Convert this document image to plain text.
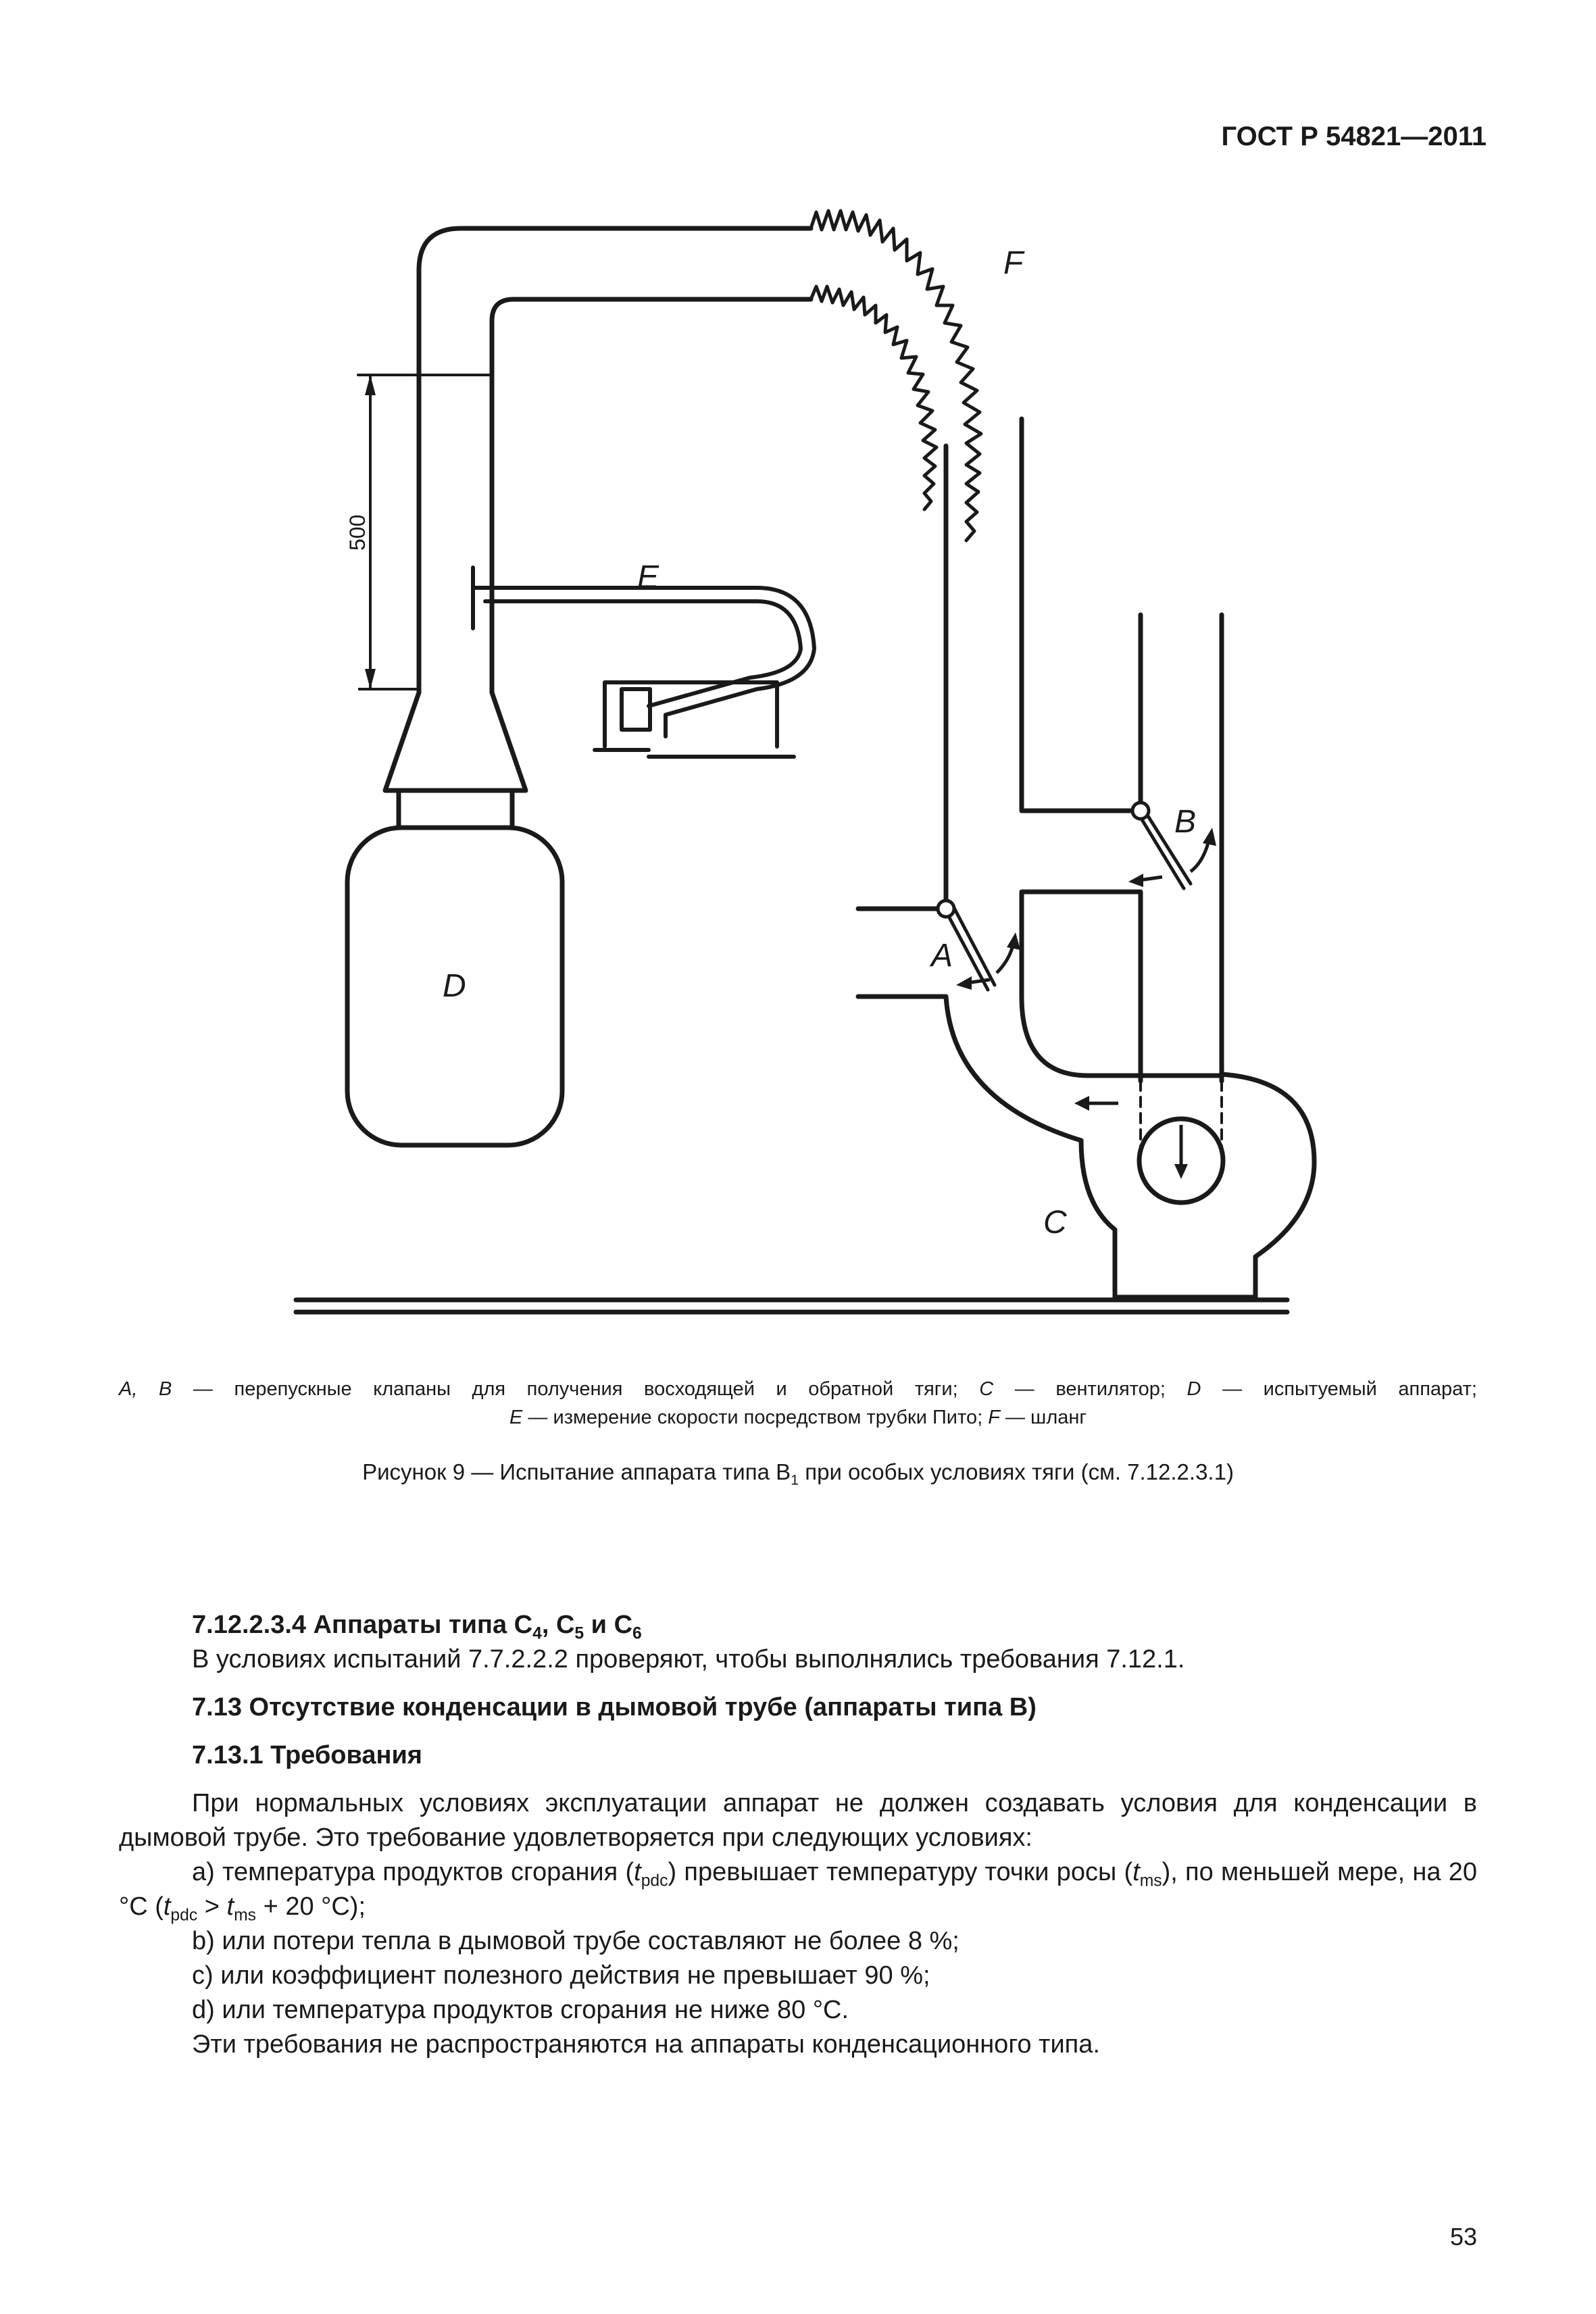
ГОСТ Р 54821—2011
500
F
E
B
A
D
C
A, B — перепускные клапаны для получения восходящей и обратной тяги; C — вентилятор; D — испытуемый аппарат;
E — измерение скорости посредством трубки Пито; F — шланг
Рисунок 9 — Испытание аппарата типа $В_1$ при особых условиях тяги (см. 7.12.2.3.1)

7.12.2.3.4 Аппараты типа $С_4$, $С_5$ и $С_6$

В условиях испытаний 7.7.2.2.2 проверяют, чтобы выполнялись требования 7.12.1.

7.13 Отсутствие конденсации в дымовой трубе (аппараты типа В)

7.13.1 Требования

При нормальных условиях эксплуатации аппарат не должен создавать условия для конденсации в дымовой трубе. Это требование удовлетворяется при следующих условиях:

а) температура продуктов сгорания $(t_{pdc})$ превышает температуру точки росы $(t_{ms})$, по меньшей мере, на 20 °С ($t_{pdc} > t_{ms} + 20$ °С);

b) или потери тепла в дымовой трубе составляют не более 8 %;

c) или коэффициент полезного действия не превышает 90 %;

d) или температура продуктов сгорания не ниже 80 °С.

Эти требования не распространяются на аппараты конденсационного типа.

53
